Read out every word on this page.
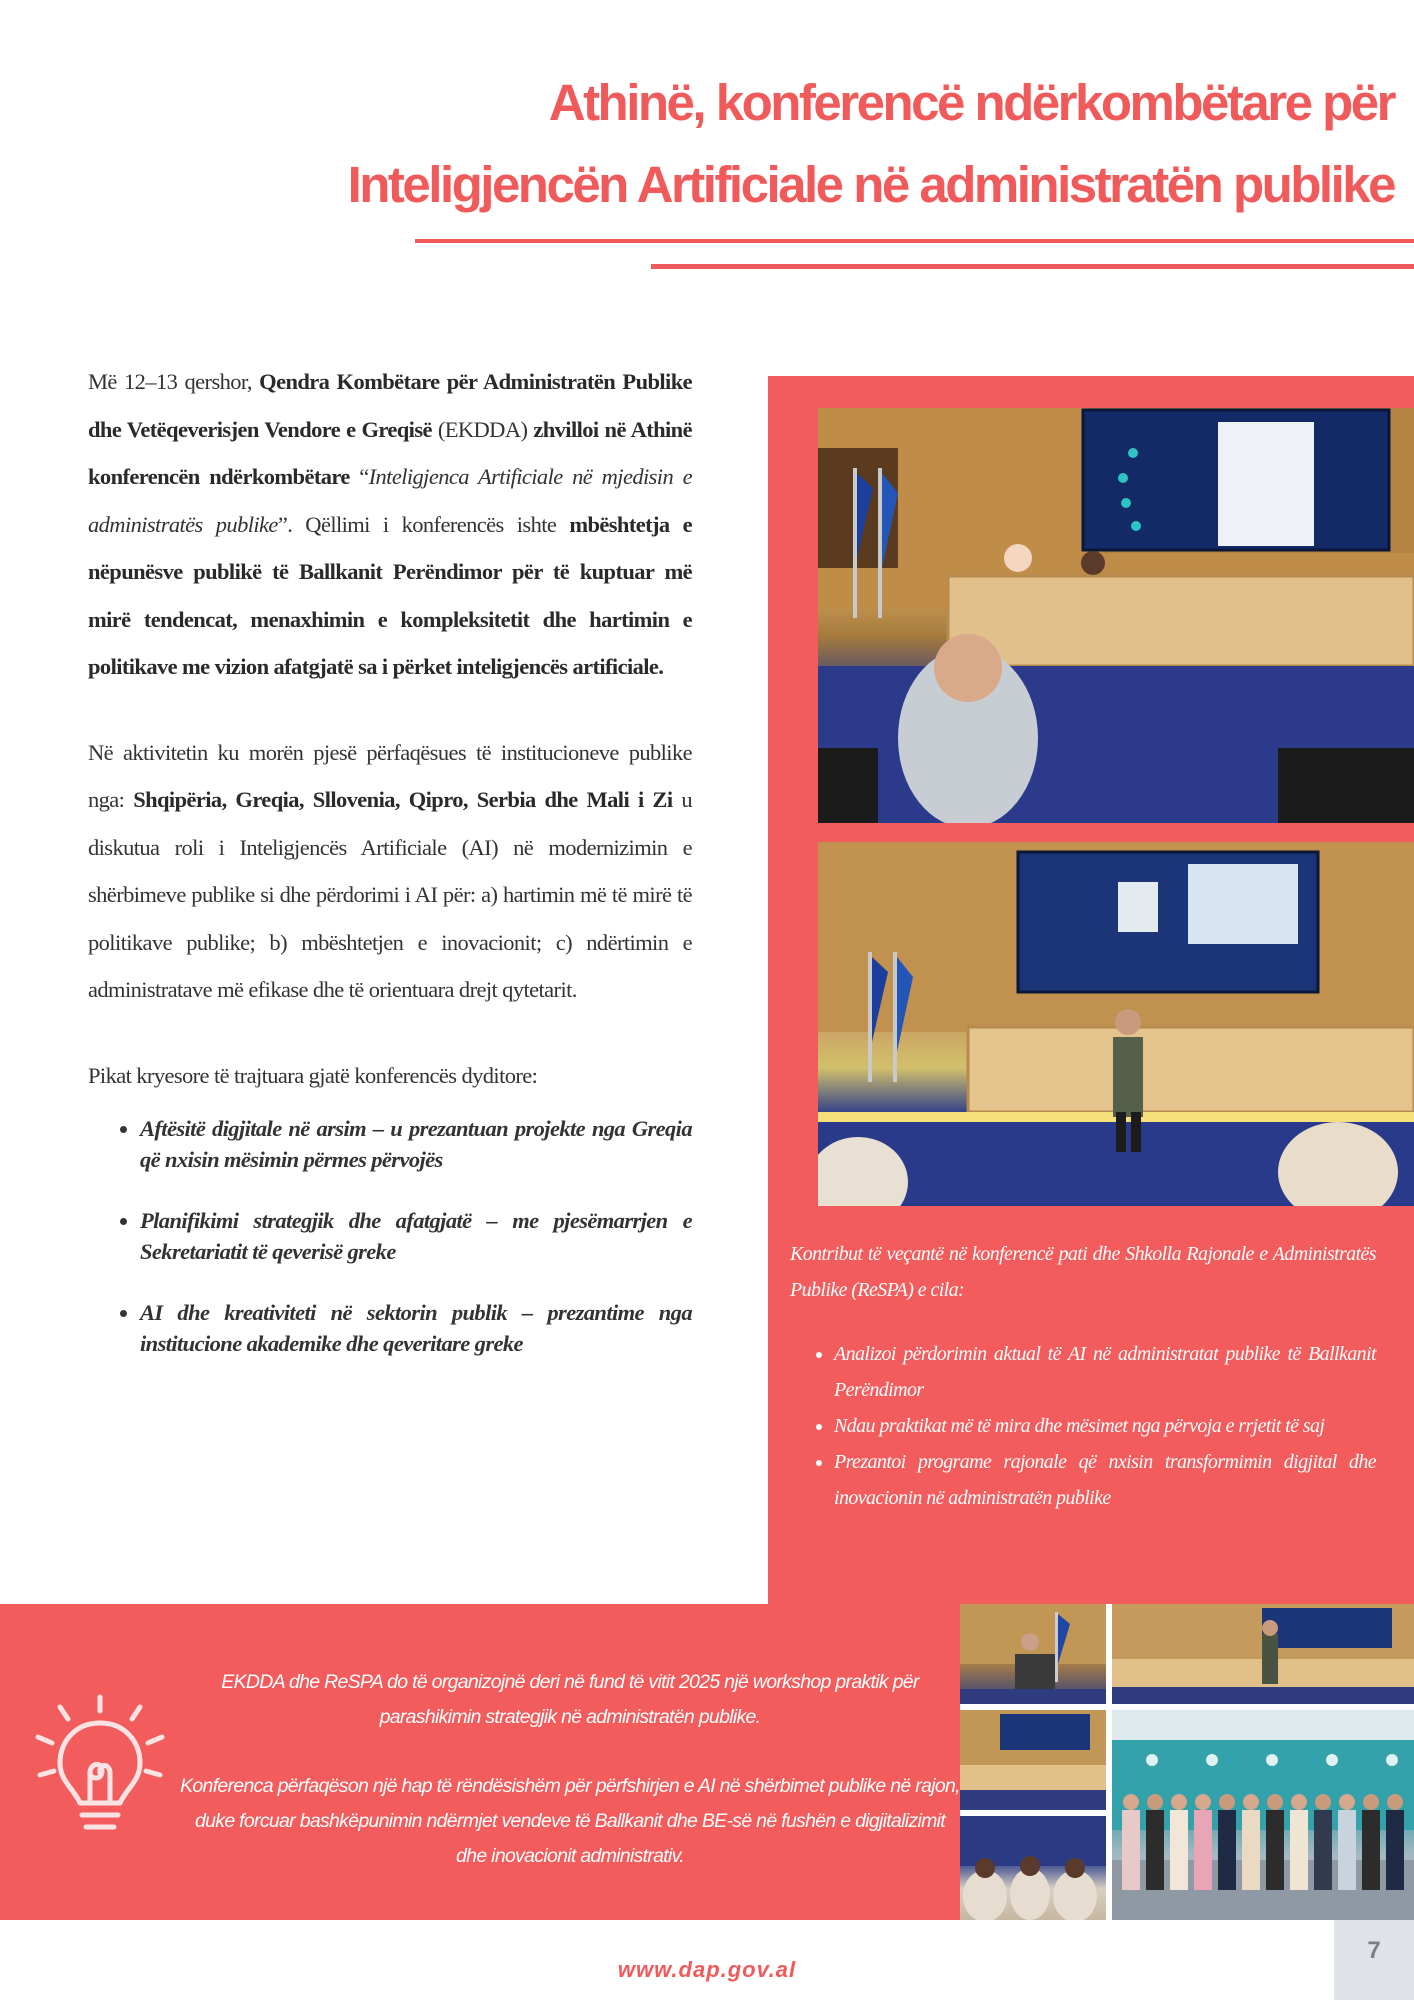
Athinë, konferencë ndërkombëtare për
Inteligjencën Artificiale në administratën publike

Më 12–13 qershor, Qendra Kombëtare për Administratën Publike dhe Vetëqeverisjen Vendore e Greqisë (EKDDA) zhvilloi në Athinë konferencën ndërkombëtare “Inteligjenca Artificiale në mjedisin e administratës publike”. Qëllimi i konferencës ishte mbështetja e nëpunësve publikë të Ballkanit Perëndimor për të kuptuar më mirë tendencat, menaxhimin e kompleksitetit dhe hartimin e politikave me vizion afatgjatë sa i përket inteligjencës artificiale.

Në aktivitetin ku morën pjesë përfaqësues të institucioneve publike nga: Shqipëria, Greqia, Sllovenia, Qipro, Serbia dhe Mali i Zi u diskutua roli i Inteligjencës Artificiale (AI) në modernizimin e shërbimeve publike si dhe përdorimi i AI për: a) hartimin më të mirë të politikave publike; b) mbështetjen e inovacionit; c) ndërtimin e administratave më efikase dhe të orientuara drejt qytetarit.

Pikat kryesore të trajtuara gjatë konferencës dyditore:

• Aftësitë digjitale në arsim – u prezantuan projekte nga Greqia që nxisin mësimin përmes përvojës
• Planifikimi strategjik dhe afatgjatë – me pjesëmarrjen e Sekretariatit të qeverisë greke
• AI dhe kreativiteti në sektorin publik – prezantime nga institucione akademike dhe qeveritare greke

Kontribut të veçantë në konferencë pati dhe Shkolla Rajonale e Administratës Publike (ReSPA) e cila:

• Analizoi përdorimin aktual të AI në administratat publike të Ballkanit Perëndimor
• Ndau praktikat më të mira dhe mësimet nga përvoja e rrjetit të saj
• Prezantoi programe rajonale që nxisin transformimin digjital dhe inovacionin në administratën publike

EKDDA dhe ReSPA do të organizojnë deri në fund të vitit 2025 një workshop praktik për parashikimin strategjik në administratën publike.

Konferenca përfaqëson një hap të rëndësishëm për përfshirjen e AI në shërbimet publike në rajon, duke forcuar bashkëpunimin ndërmjet vendeve të Ballkanit dhe BE-së në fushën e digjitalizimit dhe inovacionit administrativ.

www.dap.gov.al
7
